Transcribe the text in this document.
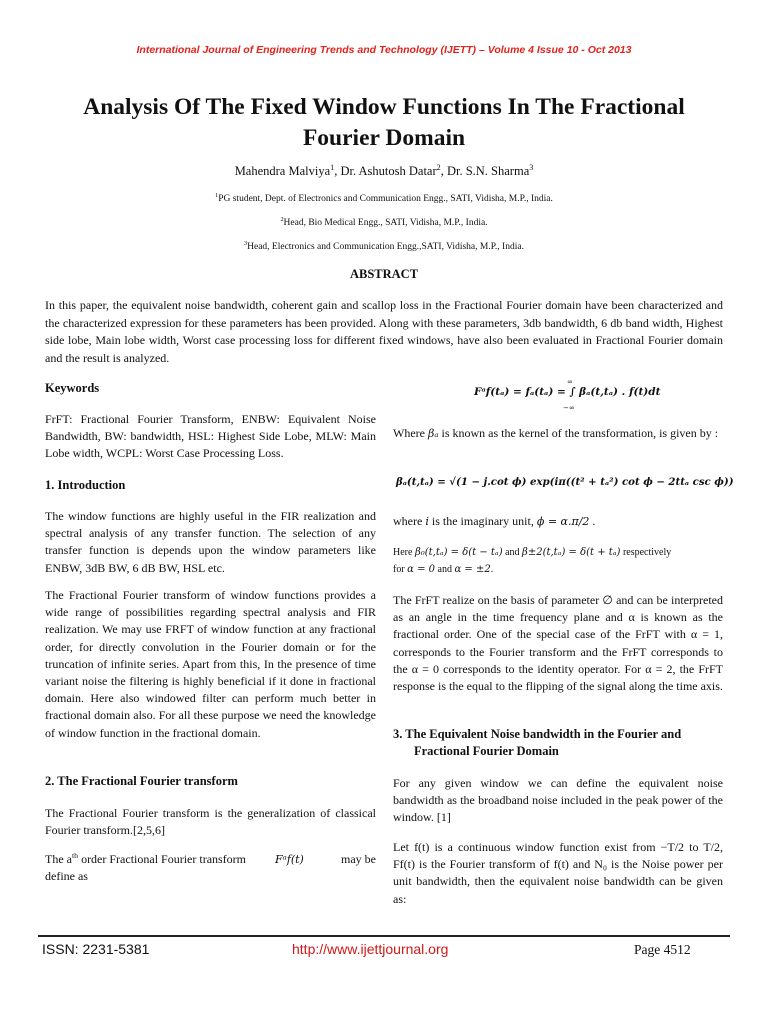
International Journal of Engineering Trends and Technology (IJETT) – Volume 4 Issue 10 - Oct 2013
Analysis Of The Fixed Window Functions In The Fractional
Fourier Domain
Mahendra Malviya$^1$, Dr. Ashutosh Datar$^2$, Dr. S.N. Sharma$^3$
$^1$PG student, Dept. of Electronics and Communication Engg., SATI, Vidisha, M.P., India.
$^2$Head, Bio Medical Engg., SATI, Vidisha, M.P., India.
$^3$Head, Electronics and Communication Engg.,SATI, Vidisha, M.P., India.
ABSTRACT
In this paper, the equivalent noise bandwidth, coherent gain and scallop loss in the Fractional Fourier domain have been characterized and the characterized expression for these parameters has been provided. Along with these parameters, 3db bandwidth, 6 db band width, Highest side lobe, Main lobe width, Worst case processing loss for different fixed windows, have also been evaluated in Fractional Fourier domain and the result is analyzed.
Keywords
FrFT: Fractional Fourier Transform, ENBW: Equivalent Noise Bandwidth, BW: bandwidth, HSL: Highest Side Lobe, MLW: Main Lobe width, WCPL: Worst Case Processing Loss.
1. Introduction
The window functions are highly useful in the FIR realization and spectral analysis of any transfer function. The selection of any transfer function is depends upon the window parameters like ENBW, 3dB BW, 6 dB BW, HSL etc.
The Fractional Fourier transform of window functions provides a wide range of possibilities regarding spectral analysis and FIR realization. We may use FRFT of window function at any fractional order, for directly convolution in the Fourier domain or for the truncation of infinite series. Apart from this, In the presence of time variant noise the filtering is highly beneficial if it done in fractional domain. Here also windowed filter can perform much better in fractional domain also. For all these purpose we need the knowledge of window function in the fractional domain.
2. The Fractional Fourier transform
The Fractional Fourier transform is the generalization of classical Fourier transform.[2,5,6]
The $a^{th}$ order Fractional Fourier transform	Fᵃf(t)	may be

define as
Fᵃf(tₐ) = fₐ(tₐ) = ∫ βₐ(t,tₐ) . f(t)dt
∞
−∞
Where βₐ is known as the kernel of the transformation, is given by :
βₐ(t,tₐ) = √(1 − j.cot ϕ) exp(iπ((t² + tₐ²) cot ϕ − 2ttₐ csc ϕ))
where i is the imaginary unit, ϕ = α.π/2 .
Here β₀(t,tₐ) = δ(t − tₐ) and β±2(t,tₐ) = δ(t + tₐ) respectively
for α = 0 and α = ±2.
The FrFT realize on the basis of parameter ∅ and can be interpreted as an angle in the time frequency plane and α is known as the fractional order. One of the special case of the FrFT with α = 1, corresponds to the Fourier transform and the FrFT corresponds to the α = 0 corresponds to the identity operator. For α = 2, the FrFT response is the equal to the flipping of the signal along the time axis.
3. The Equivalent Noise bandwidth in the Fourier and
Fractional Fourier Domain
For any given window we can define the equivalent noise bandwidth as the broadband noise included in the peak power of the window. [1]
Let f(t) is a continuous window function exist from −T/2 to T/2, Ff(t) is the Fourier transform of f(t) and N₀ is the Noise power per unit bandwidth, then the equivalent noise bandwidth can be given as:
ISSN: 2231-5381	http://www.ijettjournal.org	Page 4512
